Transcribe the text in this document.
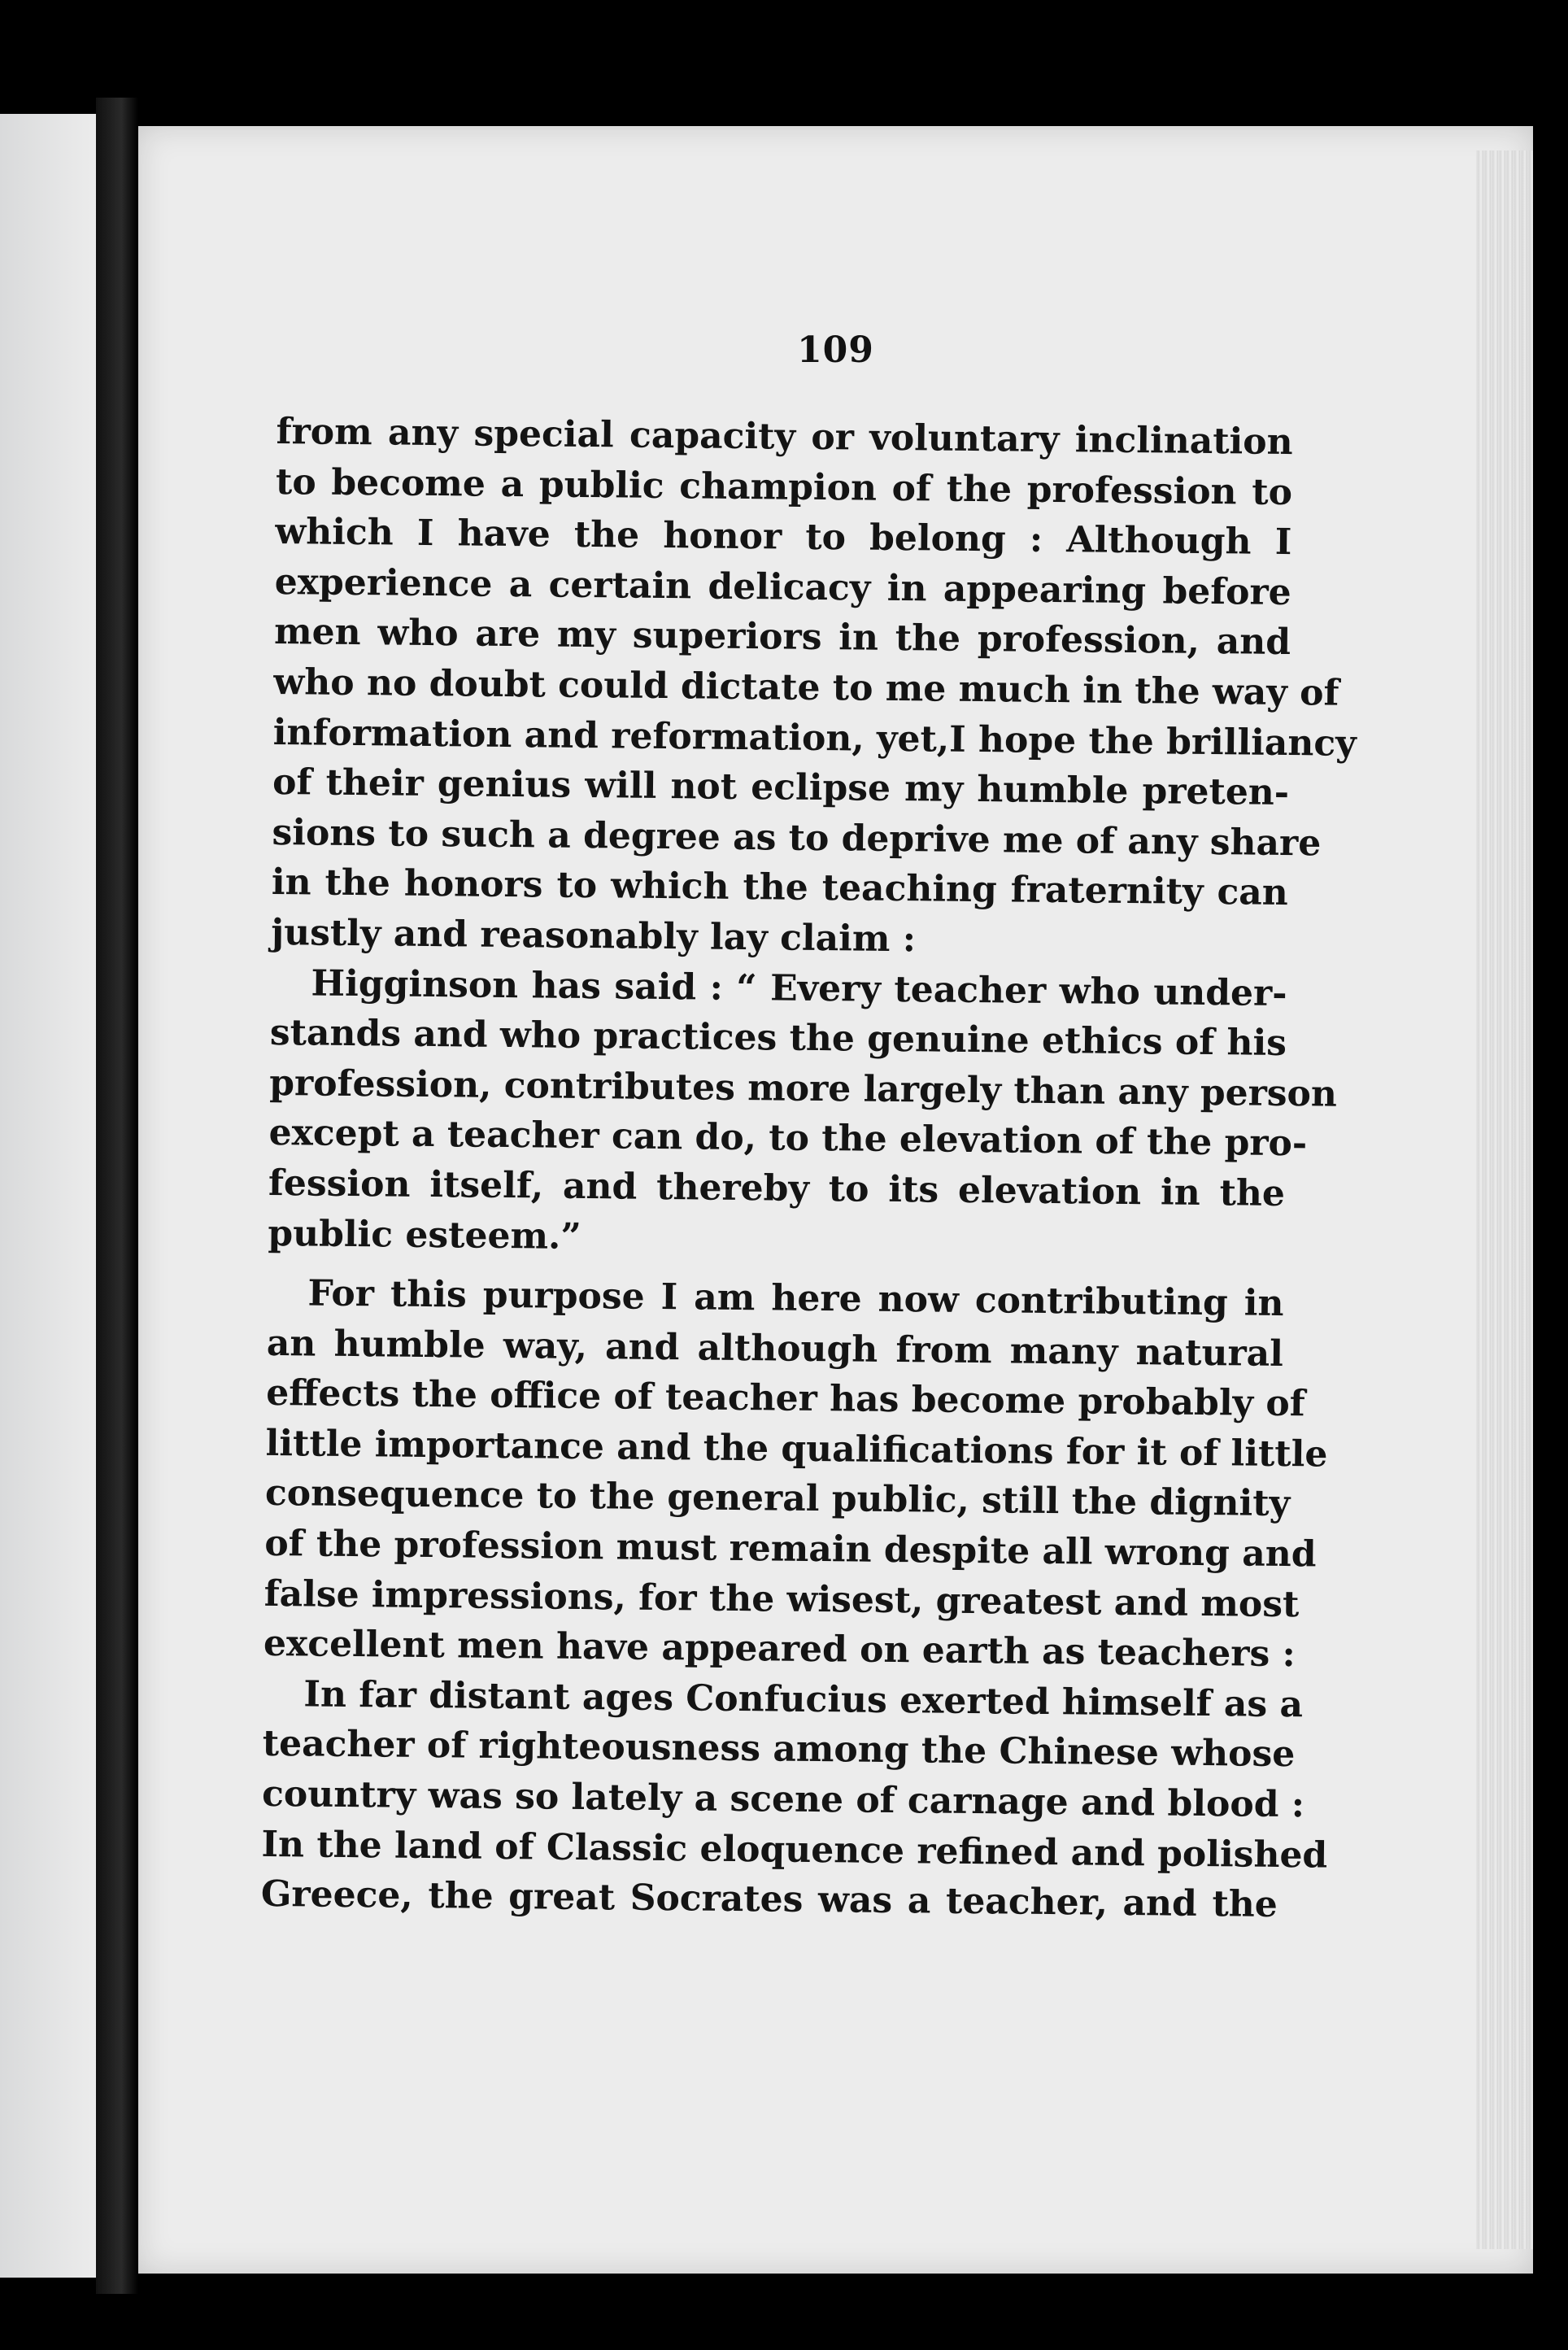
109
from any special capacity or voluntary inclination
to become a public champion of the profession to
which I have the honor to belong : Although I
experience a certain delicacy in appearing before
men who are my superiors in the profession, and
who no doubt could dictate to me much in the way of
information and reformation, yet,I hope the brilliancy
of their genius will not eclipse my humble preten-
sions to such a degree as to deprive me of any share
in the honors to which the teaching fraternity can
justly and reasonably lay claim :
Higginson has said : “ Every teacher who under-
stands and who practices the genuine ethics of his
profession, contributes more largely than any person
except a teacher can do, to the elevation of the pro-
fession itself, and thereby to its elevation in the
public esteem.”
For this purpose I am here now contributing in
an humble way, and although from many natural
effects the office of teacher has become probably of
little importance and the qualifications for it of little
consequence to the general public, still the dignity
of the profession must remain despite all wrong and
false impressions, for the wisest, greatest and most
excellent men have appeared on earth as teachers :
In far distant ages Confucius exerted himself as a
teacher of righteousness among the Chinese whose
country was so lately a scene of carnage and blood :
In the land of Classic eloquence refined and polished
Greece, the great Socrates was a teacher, and the
